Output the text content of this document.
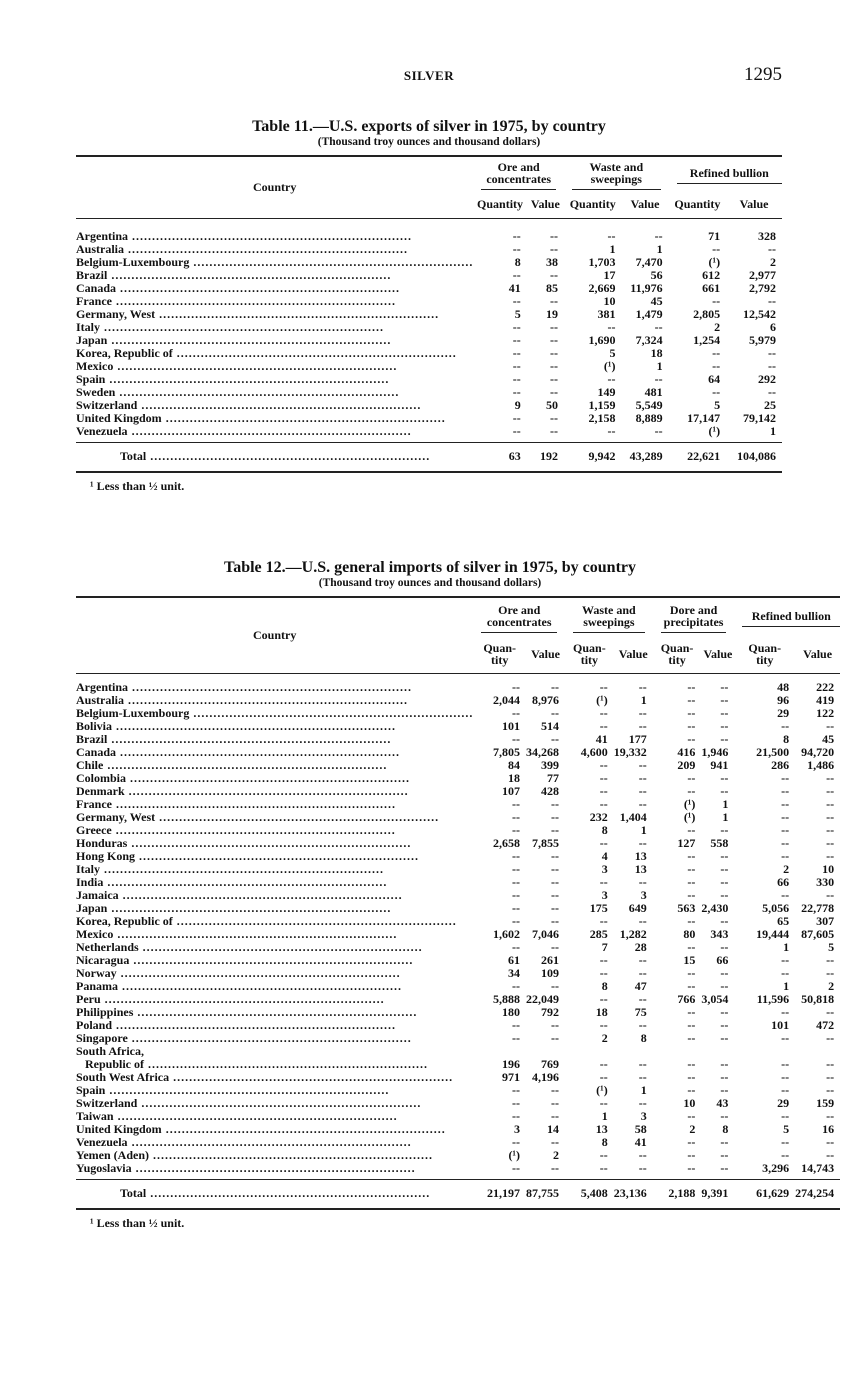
SILVER	1295
Table 11.—U.S. exports of silver in 1975, by country
(Thousand troy ounces and thousand dollars)
Country	Ore and concentrates		Waste and sweepings		Refined bullion	

	Quantity	Value	Quantity	Value	Quantity	Value
Argentina .....	--	--	--	--	71	328
Australia .....	--	--	1	1	--	--
Belgium-Luxembourg .....	8	38	1,703	7,470	(¹)	2
Brazil .....	--	--	17	56	612	2,977
Canada .....	41	85	2,669	11,976	661	2,792
France .....	--	--	10	45	--	--
Germany, West .....	5	19	381	1,479	2,805	12,542
Italy .....	--	--	--	--	2	6
Japan .....	--	--	1,690	7,324	1,254	5,979
Korea, Republic of .....	--	--	5	18	--	--
Mexico .....	--	--	(¹)	1	--	--
Spain .....	--	--	--	--	64	292
Sweden .....	--	--	149	481	--	--
Switzerland .....	9	50	1,159	5,549	5	25
United Kingdom .....	--	--	2,158	8,889	17,147	79,142
Venezuela .....	--	--	--	--	(¹)	1

Total .....	63	192	9,942	43,289	22,621	104,086
¹ Less than ½ unit.
Table 12.—U.S. general imports of silver in 1975, by country
(Thousand troy ounces and thousand dollars)
Country	Ore and concentrates		Waste and sweepings		Dore and precipitates		Refined bullion	

	Quan-tity	Value	Quan-tity	Value	Quan-tity	Value	Quan-tity	Value
Argentina .....	--	--	--	--	--	--	48	222
Australia .....	2,044	8,976	(¹)	1	--	--	96	419
Belgium-Luxembourg .....	--	--	--	--	--	--	29	122
Bolivia .....	101	514	--	--	--	--	--	--
Brazil .....	--	--	41	177	--	--	8	45
Canada .....	7,805	34,268	4,600	19,332	416	1,946	21,500	94,720
Chile .....	84	399	--	--	209	941	286	1,486
Colombia .....	18	77	--	--	--	--	--	--
Denmark .....	107	428	--	--	--	--	--	--
France .....	--	--	--	--	(¹)	1	--	--
Germany, West .....	--	--	232	1,404	(¹)	1	--	--
Greece .....	--	--	8	1	--	--	--	--
Honduras .....	2,658	7,855	--	--	127	558	--	--
Hong Kong .....	--	--	4	13	--	--	--	--
Italy .....	--	--	3	13	--	--	2	10
India .....	--	--	--	--	--	--	66	330
Jamaica .....	--	--	3	3	--	--	--	--
Japan .....	--	--	175	649	563	2,430	5,056	22,778
Korea, Republic of .....	--	--	--	--	--	--	65	307
Mexico .....	1,602	7,046	285	1,282	80	343	19,444	87,605
Netherlands .....	--	--	7	28	--	--	1	5
Nicaragua .....	61	261	--	--	15	66	--	--
Norway .....	34	109	--	--	--	--	--	--
Panama .....	--	--	8	47	--	--	1	2
Peru .....	5,888	22,049	--	--	766	3,054	11,596	50,818
Philippines .....	180	792	18	75	--	--	--	--
Poland .....	--	--	--	--	--	--	101	472
Singapore .....	--	--	2	8	--	--	--	--
South Africa,								
Republic of .....	196	769	--	--	--	--	--	--
South West Africa .....	971	4,196	--	--	--	--	--	--
Spain .....	--	--	(¹)	1	--	--	--	--
Switzerland .....	--	--	--	--	10	43	29	159
Taiwan .....	--	--	1	3	--	--	--	--
United Kingdom .....	3	14	13	58	2	8	5	16
Venezuela .....	--	--	8	41	--	--	--	--
Yemen (Aden) .....	(¹)	2	--	--	--	--	--	--
Yugoslavia .....	--	--	--	--	--	--	3,296	14,743

Total .....	21,197	87,755	5,408	23,136	2,188	9,391	61,629	274,254
¹ Less than ½ unit.
